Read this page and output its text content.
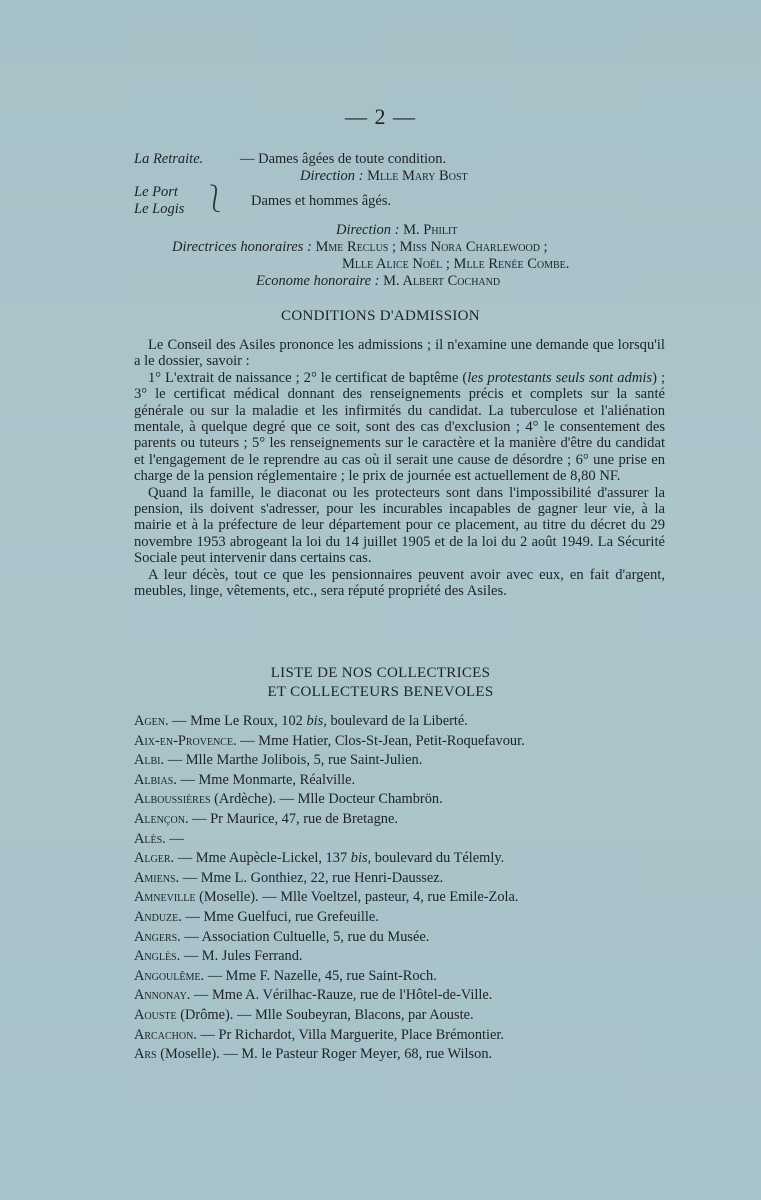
— 2 —
La Retraite.	— Dames âgées de toute condition.
Direction : Mlle Mary Bost
Le Port
Le Logis ⎱ Dames et hommes âgés.
Direction : M. Philit
Directrices honoraires : Mme Reclus ; Miss Nora Charlewood ;
Mlle Alice Noël ; Mlle Renée Combe.
Econome honoraire : M. Albert Cochand
CONDITIONS D'ADMISSION

Le Conseil des Asiles prononce les admissions ; il n'examine une demande que lorsqu'il a le dossier, savoir :

1° L'extrait de naissance ; 2° le certificat de baptême (les protestants seuls sont admis) ; 3° le certificat médical donnant des renseignements précis et complets sur la santé générale ou sur la maladie et les infirmités du candidat. La tuberculose et l'aliénation mentale, à quelque degré que ce soit, sont des cas d'exclusion ; 4° le consentement des parents ou tuteurs ; 5° les renseignements sur le caractère et la manière d'être du candidat et l'engagement de le reprendre au cas où il serait une cause de désordre ; 6° une prise en charge de la pension réglementaire ; le prix de journée est actuellement de 8,80 NF.

Quand la famille, le diaconat ou les protecteurs sont dans l'impossibilité d'assurer la pension, ils doivent s'adresser, pour les incurables incapables de gagner leur vie, à la mairie et à la préfecture de leur département pour ce placement, au titre du décret du 29 novembre 1953 abrogeant la loi du 14 juillet 1905 et de la loi du 2 août 1949. La Sécurité Sociale peut intervenir dans certains cas.

A leur décès, tout ce que les pensionnaires peuvent avoir avec eux, en fait d'argent, meubles, linge, vêtements, etc., sera réputé propriété des Asiles.

LISTE DE NOS COLLECTRICES
ET COLLECTEURS BENEVOLES
Agen. — Mme Le Roux, 102 bis, boulevard de la Liberté.
Aix-en-Provence. — Mme Hatier, Clos-St-Jean, Petit-Roquefavour.
Albi. — Mlle Marthe Jolibois, 5, rue Saint-Julien.
Albias. — Mme Monmarte, Réalville.
Alboussières (Ardèche). — Mlle Docteur Chambrön.
Alençon. — Pr Maurice, 47, rue de Bretagne.
Alès. —
Alger. — Mme Aupècle-Lickel, 137 bis, boulevard du Télemly.
Amiens. — Mme L. Gonthiez, 22, rue Henri-Daussez.
Amneville (Moselle). — Mlle Voeltzel, pasteur, 4, rue Emile-Zola.
Anduze. — Mme Guelfuci, rue Grefeuille.
Angers. — Association Cultuelle, 5, rue du Musée.
Anglès. — M. Jules Ferrand.
Angoulême. — Mme F. Nazelle, 45, rue Saint-Roch.
Annonay. — Mme A. Vérilhac-Rauze, rue de l'Hôtel-de-Ville.
Aouste (Drôme). — Mlle Soubeyran, Blacons, par Aouste.
Arcachon. — Pr Richardot, Villa Marguerite, Place Brémontier.
Ars (Moselle). — M. le Pasteur Roger Meyer, 68, rue Wilson.
